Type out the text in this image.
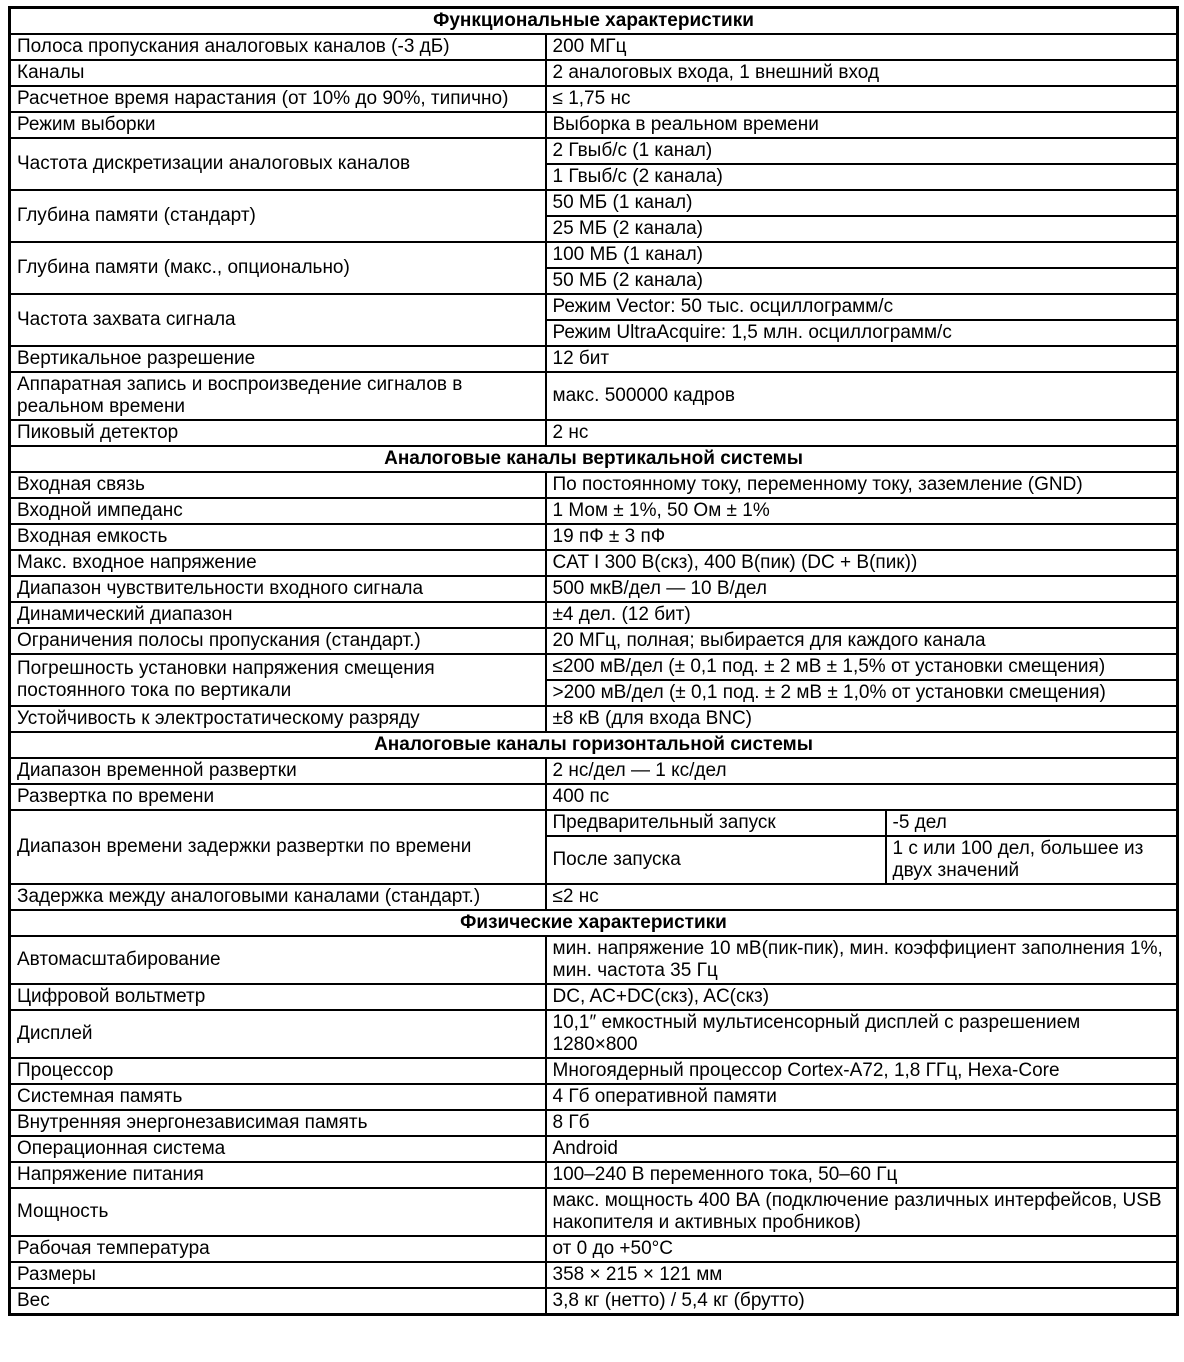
Функциональные характеристики		
Полоса пропускания аналоговых каналов (-3 дБ)	200 МГц	
Каналы	2 аналоговых входа, 1 внешний вход	
Расчетное время нарастания (от 10% до 90%, типично)	≤ 1,75 нс	
Режим выборки	Выборка в реальном времени	
Частота дискретизации аналоговых каналов	2 Гвыб/с (1 канал)	
	1 Гвыб/с (2 канала)	
Глубина памяти (стандарт)	50 МБ (1 канал)	
	25 МБ (2 канала)	
Глубина памяти (макс., опционально)	100 МБ (1 канал)	
	50 МБ (2 канала)	
Частота захвата сигнала	Режим Vector: 50 тыс. осциллограмм/с	
	Режим UltraAcquire: 1,5 млн. осциллограмм/с	
Вертикальное разрешение	12 бит	
Аппаратная запись и воспроизведение сигналов в реальном времени	макс. 500000 кадров	
Пиковый детектор	2 нс	
Аналоговые каналы вертикальной системы		
Входная связь	По постоянному току, переменному току, заземление (GND)	
Входной импеданс	1 Мом ± 1%, 50 Ом ± 1%	
Входная емкость	19 пФ ± 3 пФ	
Макс. входное напряжение	CAT I 300 В(скз), 400 В(пик) (DC + В(пик))	
Диапазон чувствительности входного сигнала	500 мкВ/дел — 10 В/дел	
Динамический диапазон	±4 дел. (12 бит)	
Ограничения полосы пропускания (стандарт.)	20 МГц, полная; выбирается для каждого канала	
Погрешность установки напряжения смещения постоянного тока по вертикали	≤200 мВ/дел (± 0,1 под. ± 2 мВ ± 1,5% от установки смещения)	
	>200 мВ/дел (± 0,1 под. ± 2 мВ ± 1,0% от установки смещения)	
Устойчивость к электростатическому разряду	±8 кВ (для входа BNC)	
Аналоговые каналы горизонтальной системы		
Диапазон временной развертки	2 нс/дел — 1 кс/дел	
Развертка по времени	400 пс	
Диапазон времени задержки развертки по времени	Предварительный запуск	-5 дел
	После запуска	1 с или 100 дел, большее из двух значений
Задержка между аналоговыми каналами (стандарт.)	≤2 нс	
Физические характеристики		
Автомасштабирование	мин. напряжение 10 мВ(пик-пик), мин. коэффициент заполнения 1%, мин. частота 35 Гц	
Цифровой вольтметр	DC, AC+DC(скз), AC(скз)	
Дисплей	10,1″ емкостный мультисенсорный дисплей с разрешением 1280×800	
Процессор	Многоядерный процессор Cortex-A72, 1,8 ГГц, Hexa-Core	
Системная память	4 Гб оперативной памяти	
Внутренняя энергонезависимая память	8 Гб	
Операционная система	Android	
Напряжение питания	100–240 В переменного тока, 50–60 Гц	
Мощность	макс. мощность 400 ВА (подключение различных интерфейсов, USB накопителя и активных пробников)	
Рабочая температура	от 0 до +50°C	
Размеры	358 × 215 × 121 мм	
Вес	3,8 кг (нетто) / 5,4 кг (брутто)	
